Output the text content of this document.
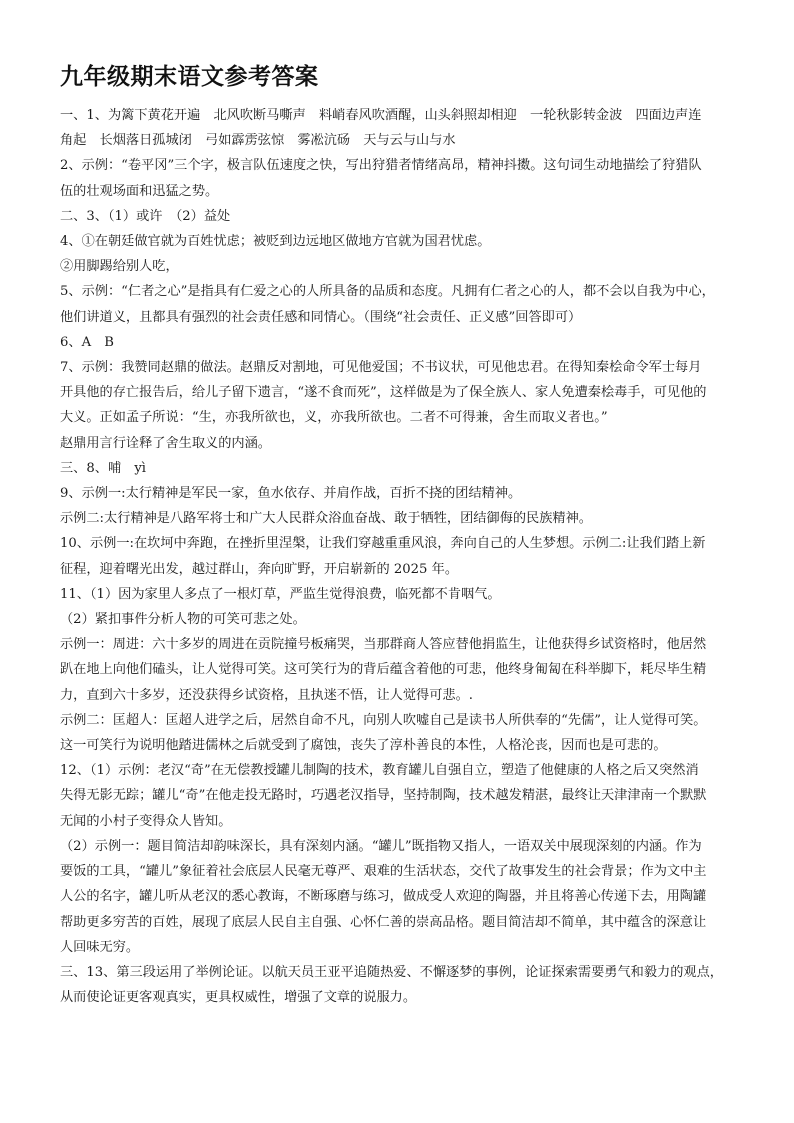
九年级期末语文参考答案
一、1、为篱下黄花开遍　北风吹断马嘶声　料峭春风吹酒醒，山头斜照却相迎　一轮秋影转金波　四面边声连
角起　长烟落日孤城闭　弓如霹雳弦惊　雾凇沆砀　天与云与山与水
2、示例：“卷平冈”三个字，极言队伍速度之快，写出狩猎者情绪高昂，精神抖擞。这句词生动地描绘了狩猎队
伍的壮观场面和迅猛之势。
二、3、（1）或许　（2）益处
4、①在朝廷做官就为百姓忧虑；被贬到边远地区做地方官就为国君忧虑。
②用脚踢给别人吃，
5、示例：“仁者之心”是指具有仁爱之心的人所具备的品质和态度。凡拥有仁者之心的人，都不会以自我为中心，
他们讲道义，且都具有强烈的社会责任感和同情心。（围绕“社会责任、正义感”回答即可）
6、A　B
7、示例：我赞同赵鼎的做法。赵鼎反对割地，可见他爱国；不书议状，可见他忠君。在得知秦桧命令军士每月
开具他的存亡报告后，给儿子留下遗言，“遂不食而死”，这样做是为了保全族人、家人免遭秦桧毒手，可见他的
大义。正如孟子所说：“生，亦我所欲也，义，亦我所欲也。二者不可得兼，舍生而取义者也。”
赵鼎用言行诠释了舍生取义的内涵。
三、8、哺　yì
9、示例一:太行精神是军民一家，鱼水依存、并肩作战，百折不挠的团结精神。
示例二:太行精神是八路军将士和广大人民群众浴血奋战、敢于牺牲，团结御侮的民族精神。
10、示例一:在坎坷中奔跑，在挫折里涅槃，让我们穿越重重风浪，奔向自己的人生梦想。示例二:让我们踏上新
征程，迎着曙光出发，越过群山，奔向旷野，开启崭新的 2025 年。
11、（1）因为家里人多点了一根灯草，严监生觉得浪费，临死都不肯咽气。
（2）紧扣事件分析人物的可笑可悲之处。
示例一：周进：六十多岁的周进在贡院撞号板痛哭，当那群商人答应替他捐监生，让他获得乡试资格时，他居然
趴在地上向他们磕头，让人觉得可笑。这可笑行为的背后蕴含着他的可悲，他终身匍匐在科举脚下，耗尽毕生精
力，直到六十多岁，还没获得乡试资格，且执迷不悟，让人觉得可悲。.
示例二：匡超人：匡超人进学之后，居然自命不凡，向别人吹嘘自己是读书人所供奉的“先儒”，让人觉得可笑。
这一可笑行为说明他踏进儒林之后就受到了腐蚀，丧失了淳朴善良的本性，人格沦丧，因而也是可悲的。
12、（1）示例：老汉“奇”在无偿教授罐儿制陶的技术，教育罐儿自强自立，塑造了他健康的人格之后又突然消
失得无影无踪；罐儿“奇”在他走投无路时，巧遇老汉指导，坚持制陶，技术越发精湛，最终让天津津南一个默默
无闻的小村子变得众人皆知。
（2）示例一：题目简洁却韵味深长，具有深刻内涵。“罐儿”既指物又指人，一语双关中展现深刻的内涵。作为
要饭的工具，“罐儿”象征着社会底层人民毫无尊严、艰难的生活状态，交代了故事发生的社会背景；作为文中主
人公的名字，罐儿听从老汉的悉心教诲，不断琢磨与练习，做成受人欢迎的陶器，并且将善心传递下去，用陶罐
帮助更多穷苦的百姓，展现了底层人民自主自强、心怀仁善的崇高品格。题目简洁却不简单，其中蕴含的深意让
人回味无穷。
三、13、第三段运用了举例论证。以航天员王亚平追随热爱、不懈逐梦的事例，论证探索需要勇气和毅力的观点，
从而使论证更客观真实，更具权威性，增强了文章的说服力。
